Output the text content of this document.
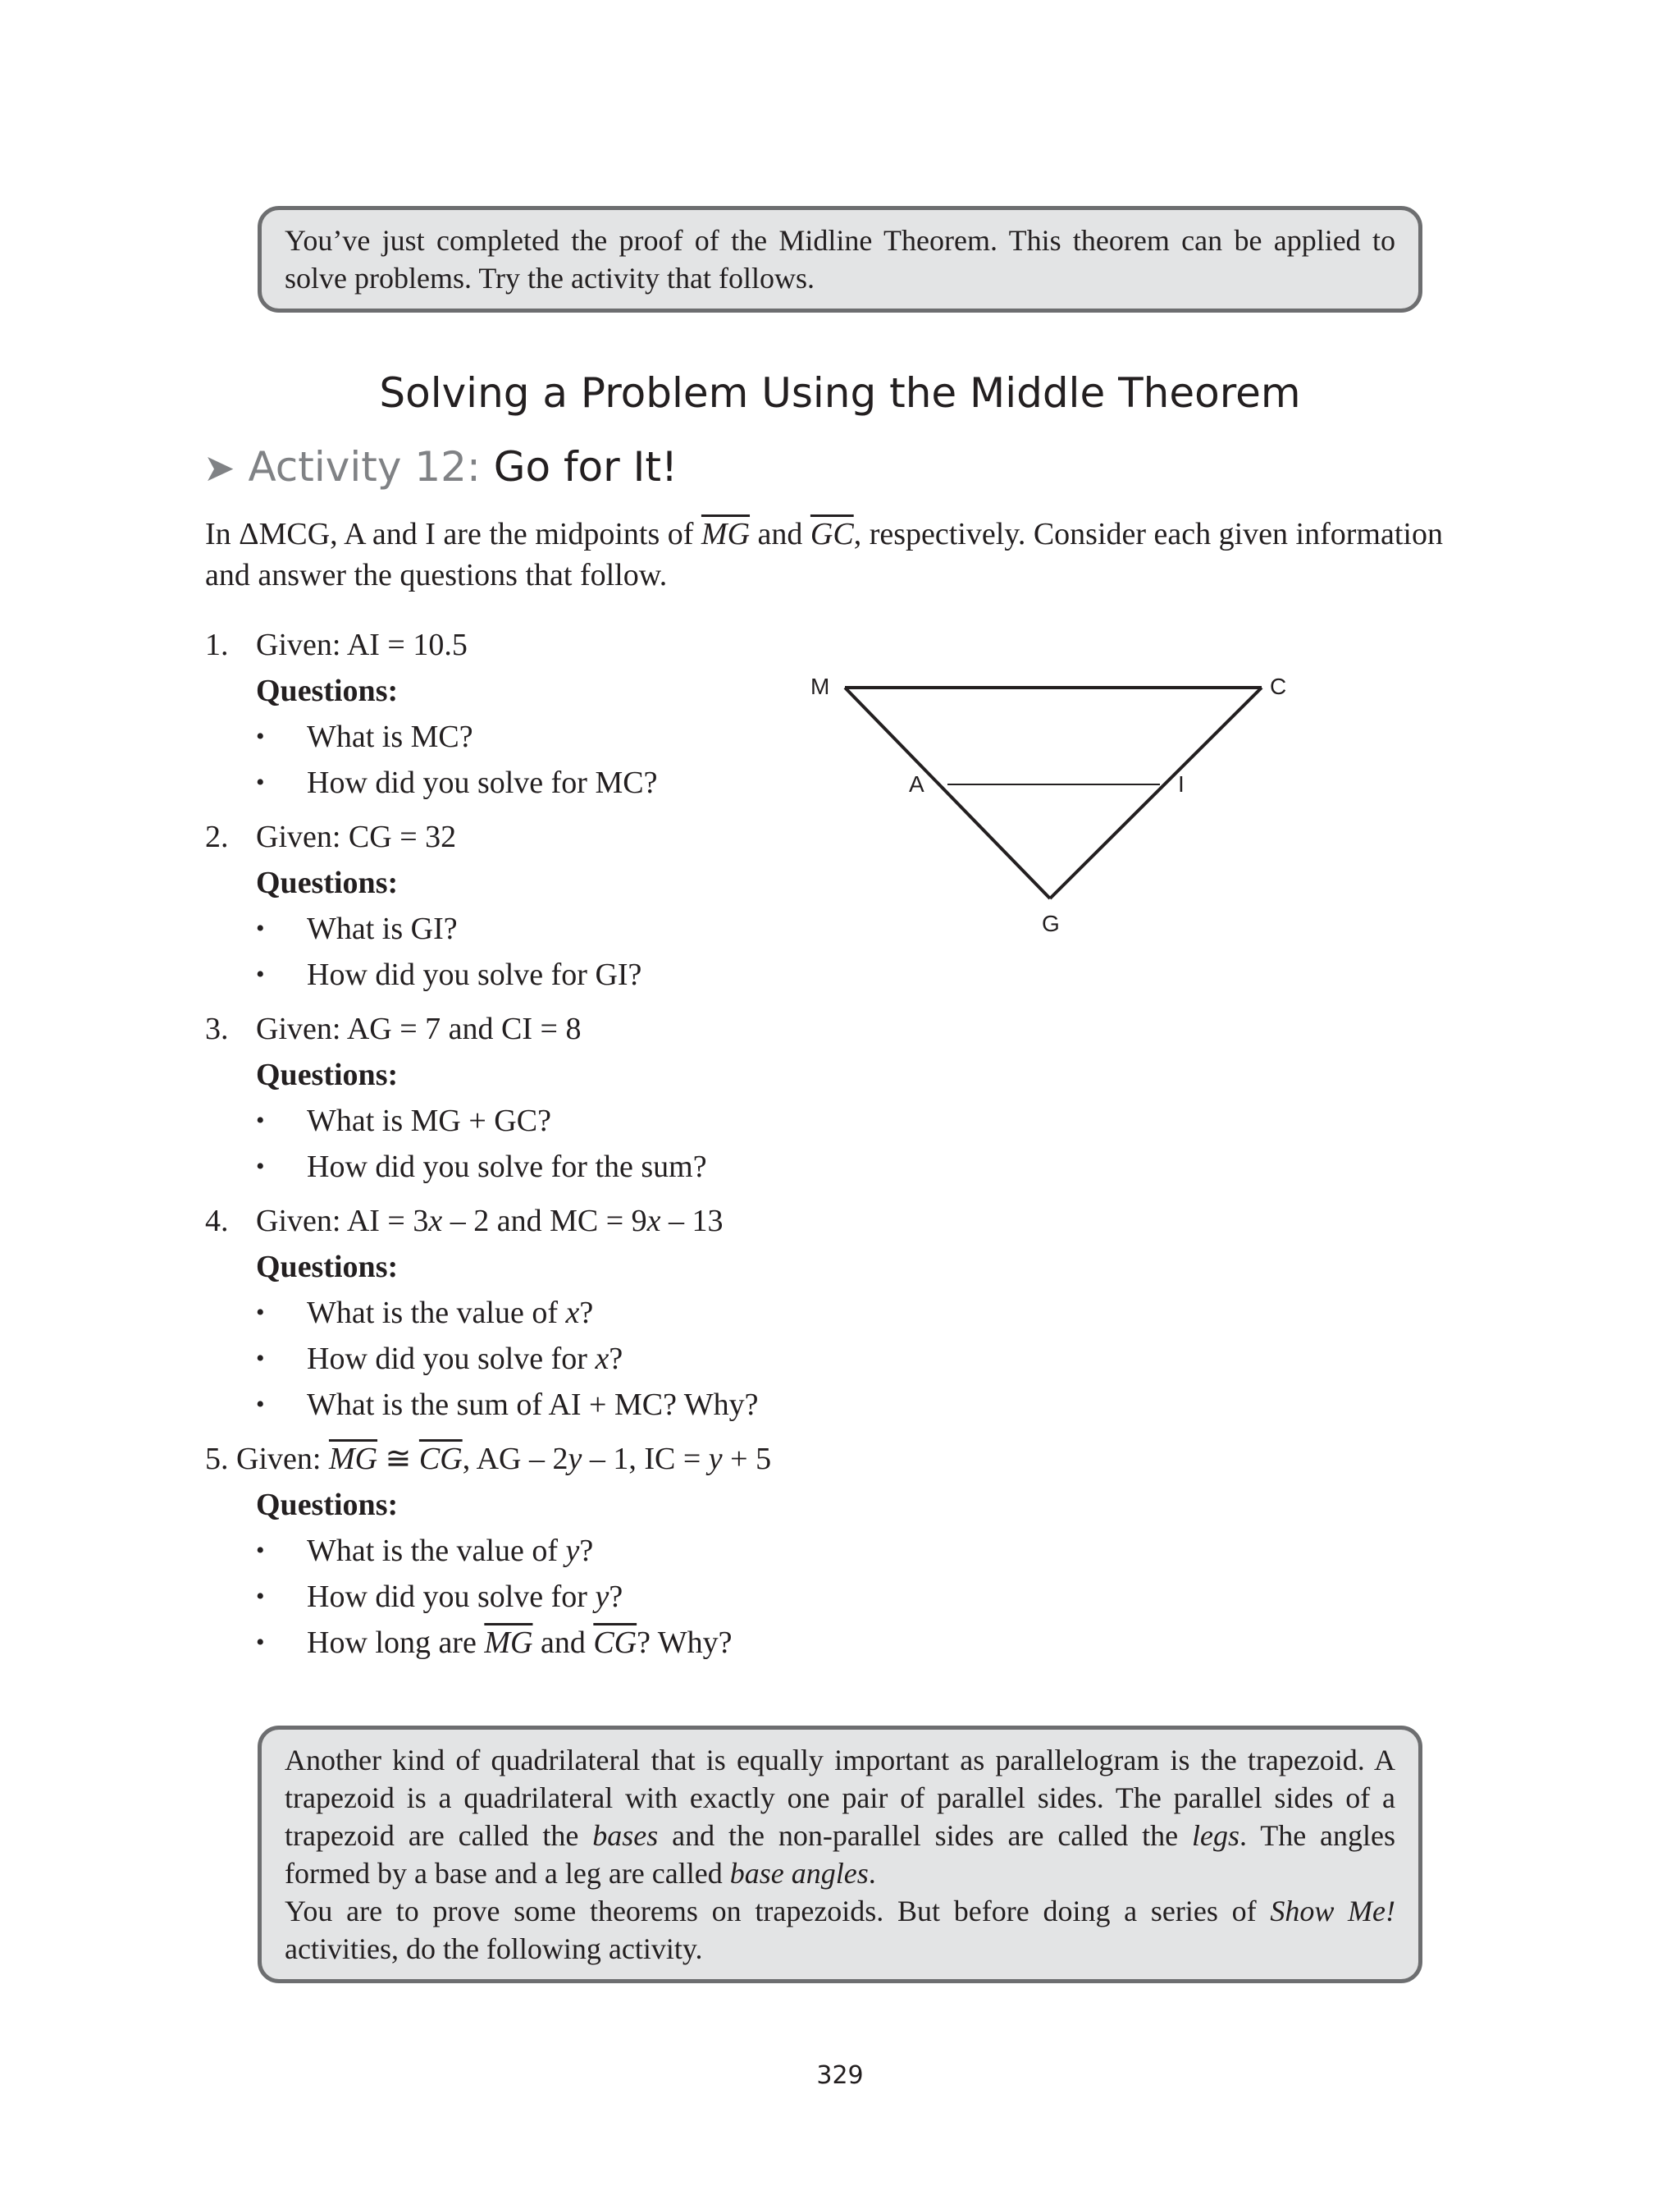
You’ve just completed the proof of the Midline Theorem. This theorem can be applied to solve problems. Try the activity that follows.
Solving a Problem Using the Middle Theorem
➤ Activity 12: Go for It!
In ΔMCG, A and I are the midpoints of $\overline{MG}$ and $\overline{GC}$, respectively. Consider each given information and answer the questions that follow.
1. Given: AI = 10.5
Questions:
• What is MC?
• How did you solve for MC?
2. Given: CG = 32
Questions:
• What is GI?
• How did you solve for GI?
3. Given: AG = 7 and CI = 8
Questions:
• What is MG + GC?
• How did you solve for the sum?
4. Given: AI = 3x – 2 and MC = 9x – 13
Questions:
• What is the value of x?
• How did you solve for x?
• What is the sum of AI + MC? Why?
5. Given: $\overline{MG}$ ≅ $\overline{CG}$, AG – 2y – 1, IC = y + 5
Questions:
• What is the value of y?
• How did you solve for y?
• How long are $\overline{MG}$ and $\overline{CG}$? Why?
M	C
A	I
G
Another kind of quadrilateral that is equally important as parallelogram is the trapezoid. A trapezoid is a quadrilateral with exactly one pair of parallel sides. The parallel sides of a trapezoid are called the bases and the non-parallel sides are called the legs. The angles formed by a base and a leg are called base angles.
You are to prove some theorems on trapezoids. But before doing a series of Show Me! activities, do the following activity.
329
